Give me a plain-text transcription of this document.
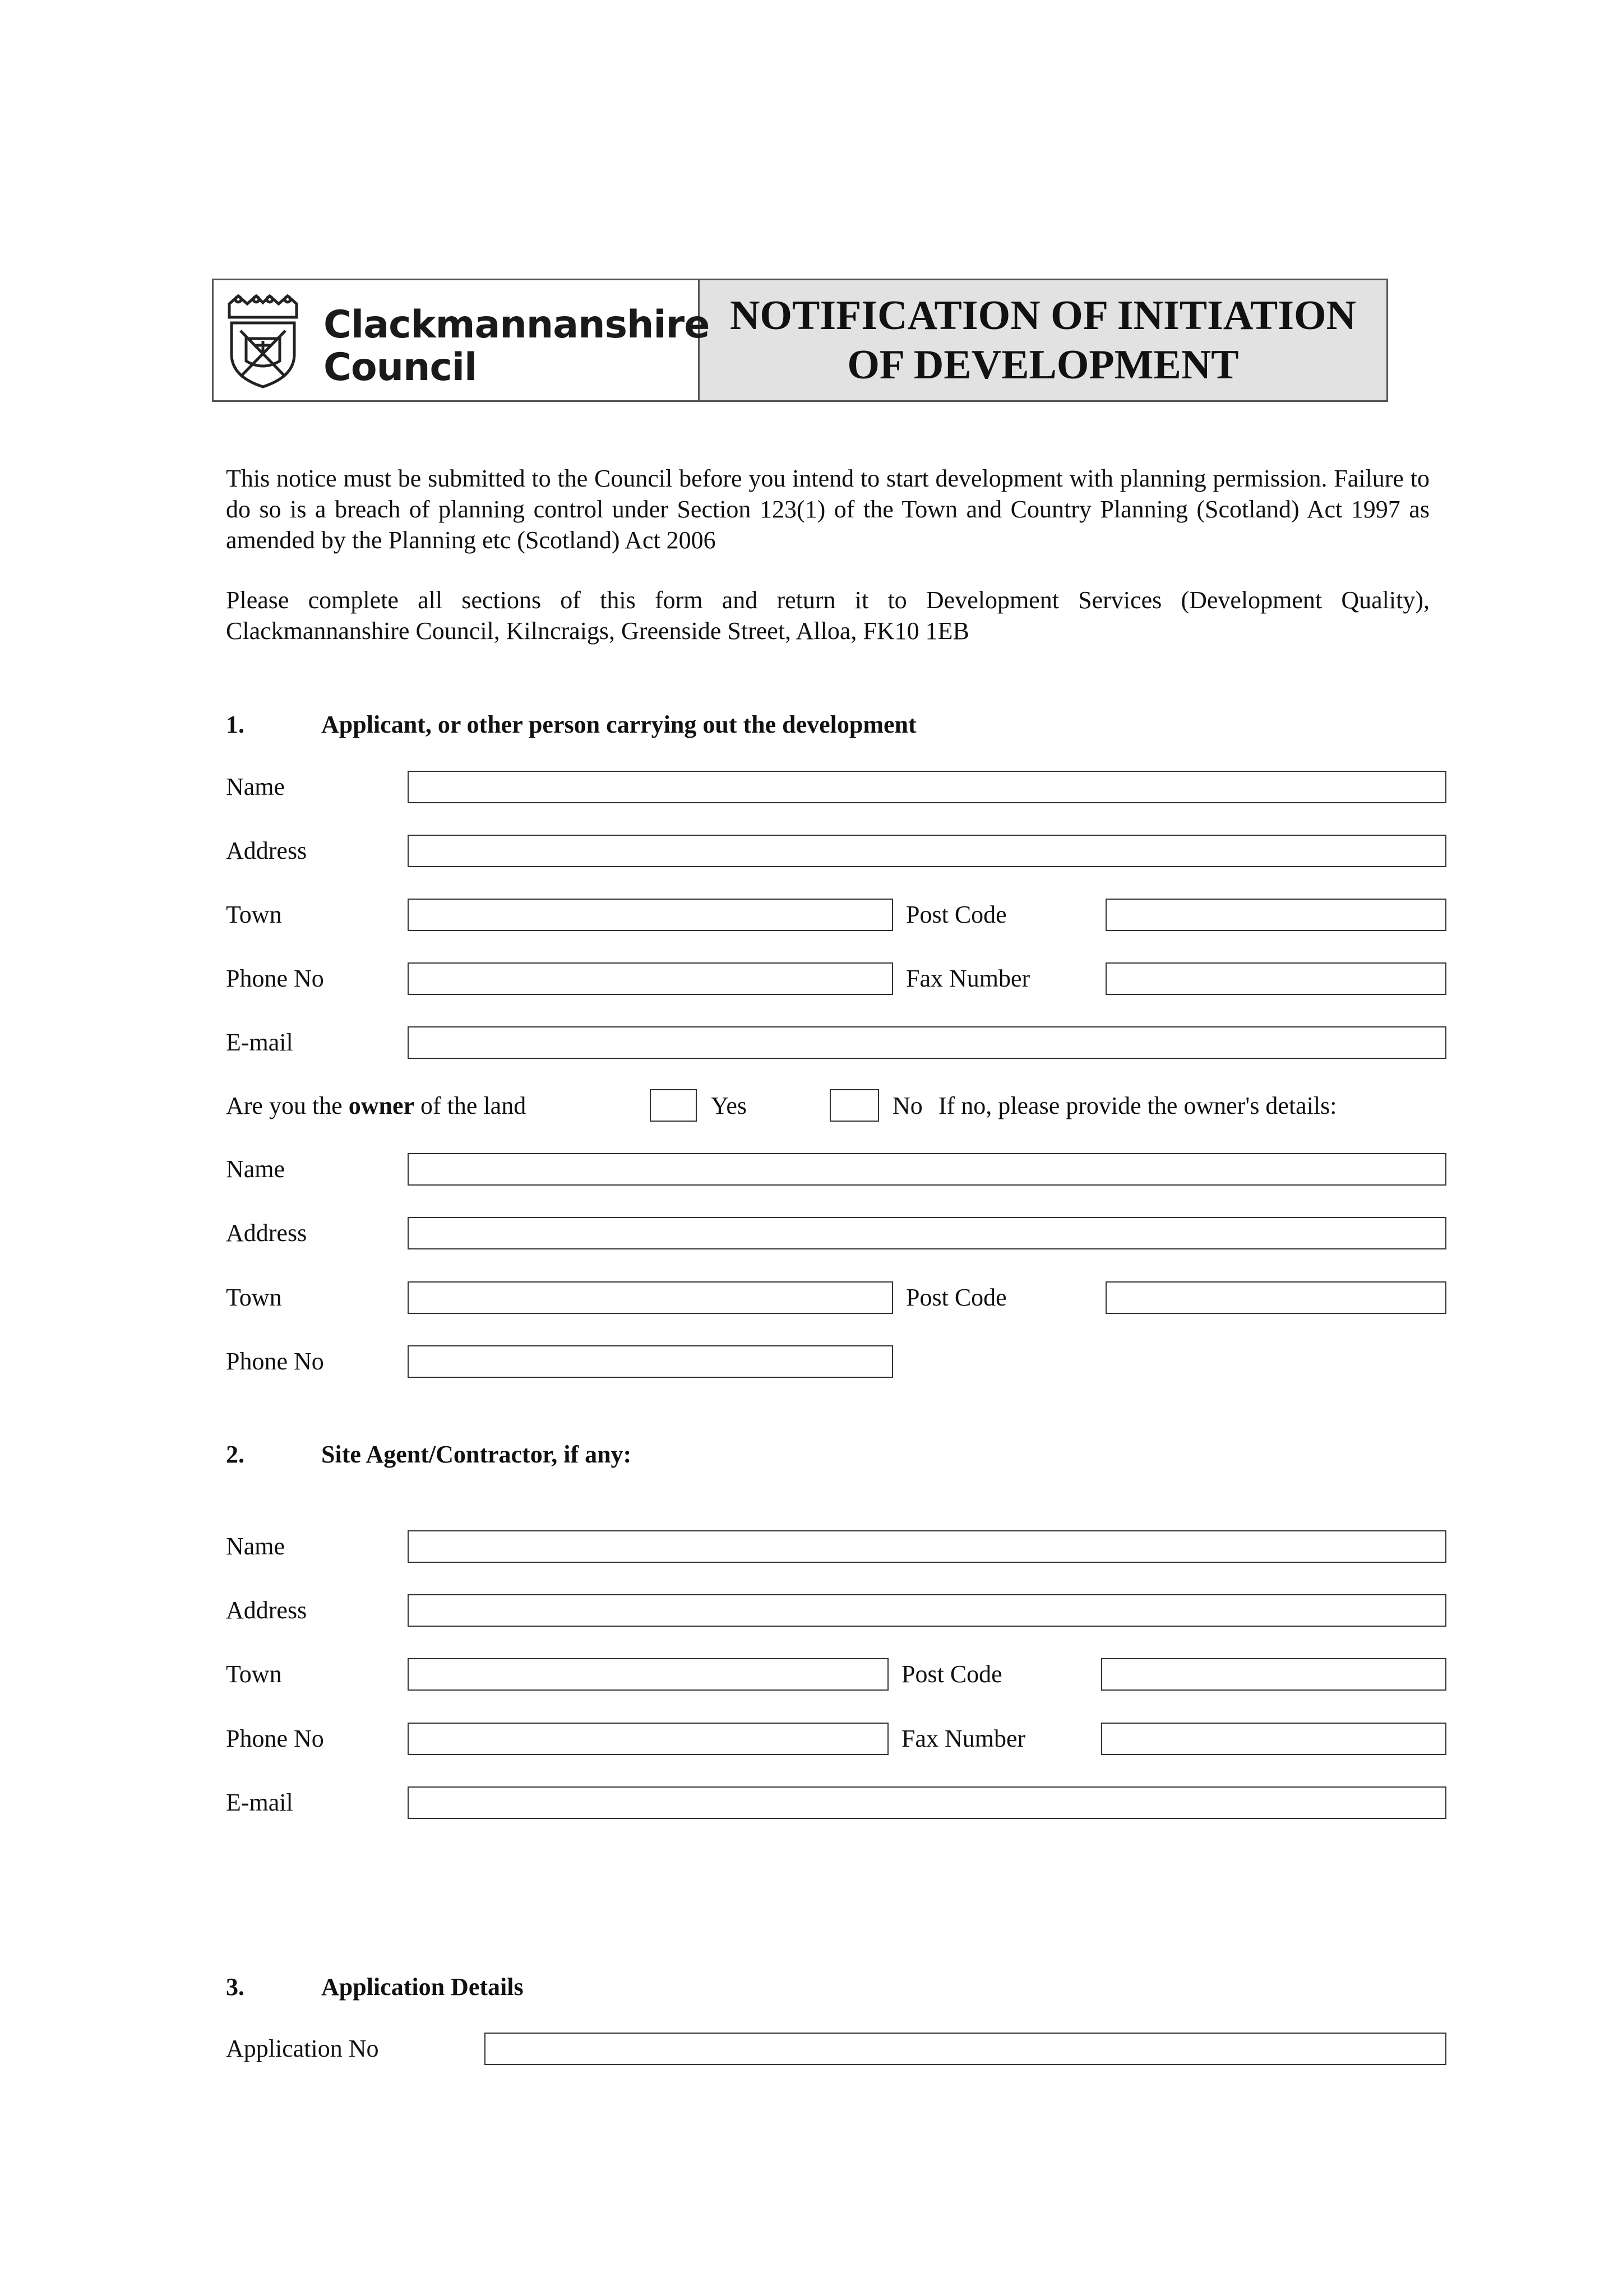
Clackmannanshire
Council
NOTIFICATION OF INITIATION
OF DEVELOPMENT
This notice must be submitted to the Council before you intend to start development with planning permission. Failure to do so is a breach of planning control under Section 123(1) of the Town and Country Planning (Scotland) Act 1997 as amended by the Planning etc (Scotland) Act 2006
Please complete all sections of this form and return it to Development Services (Development Quality), Clackmannanshire Council, Kilncraigs, Greenside Street, Alloa, FK10 1EB
1.	Applicant, or other person carrying out the development
Name
Address
Town	Post Code
Phone No	Fax Number
E-mail
Are you the owner of the land	Yes	No If no, please provide the owner's details:
Name
Address
Town	Post Code
Phone No
2.	Site Agent/Contractor, if any:
Name
Address
Town	Post Code
Phone No	Fax Number
E-mail
3.	Application Details
Application No
